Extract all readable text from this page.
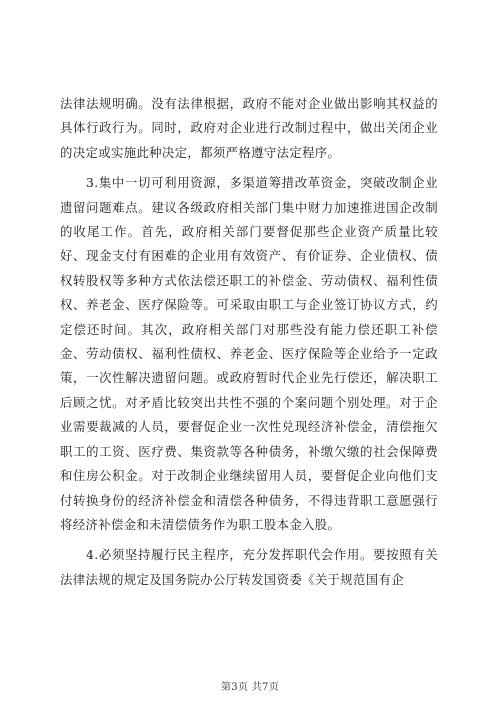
法律法规明确。没有法律根据，政府不能对企业做出影响其权益的具体行政行为。同时，政府对企业进行改制过程中，做出关闭企业的决定或实施此种决定，都须严格遵守法定程序。

3.集中一切可利用资源，多渠道筹措改革资金，突破改制企业遗留问题难点。建议各级政府相关部门集中财力加速推进国企改制的收尾工作。首先，政府相关部门要督促那些企业资产质量比较好、现金支付有困难的企业用有效资产、有价证券、企业债权、债权转股权等多种方式依法偿还职工的补偿金、劳动债权、福利性债权、养老金、医疗保险等。可采取由职工与企业签订协议方式，约定偿还时间。其次，政府相关部门对那些没有能力偿还职工补偿金、劳动债权、福利性债权、养老金、医疗保险等企业给予一定政策，一次性解决遗留问题。或政府暂时代企业先行偿还，解决职工后顾之忧。对矛盾比较突出共性不强的个案问题个别处理。对于企业需要裁减的人员，要督促企业一次性兑现经济补偿金，清偿拖欠职工的工资、医疗费、集资款等各种债务，补缴欠缴的社会保障费和住房公积金。对于改制企业继续留用人员，要督促企业向他们支付转换身份的经济补偿金和清偿各种债务，不得违背职工意愿强行将经济补偿金和未清偿债务作为职工股本金入股。

4.必须坚持履行民主程序，充分发挥职代会作用。要按照有关法律法规的规定及国务院办公厅转发国资委《关于规范国有企

第3页 共7页
